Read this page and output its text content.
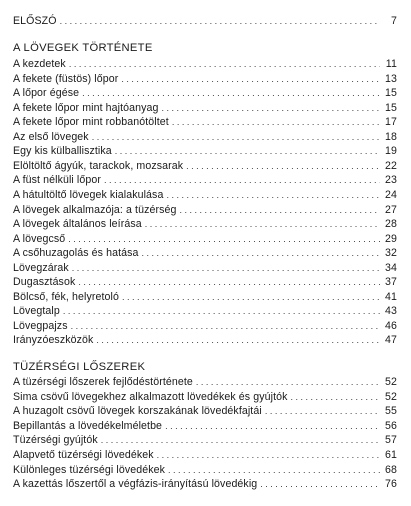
ELŐSZÓ . . .	7
A LÖVEGEK TÖRTÉNETE
A kezdetek . . .	11
A fekete (füstös) lőpor . . .	13
A lőpor égése . . .	15
A fekete lőpor mint hajtóanyag . . .	15
A fekete lőpor mint robbanótöltet . . .	17
Az első lövegek . . .	18
Egy kis külballisztika . . .	19
Elöltöltő ágyúk, tarackok, mozsarak . . .	22
A füst nélküli lőpor . . .	23
A hátultöltő lövegek kialakulása . . .	24
A lövegek alkalmazója: a tüzérség . . .	27
A lövegek általános leírása . . .	28
A lövegcső . . .	29
A csőhuzagolás és hatása . . .	32
Lövegzárak . . .	34
Dugasztások . . .	37
Bölcső, fék, helyretoló . . .	41
Lövegtalp . . .	43
Lövegpajzs . . .	46
Irányzóeszközök . . .	47
TÜZÉRSÉGI LŐSZEREK
A tüzérségi lőszerek fejlődéstörténete . . .	52
Sima csövű lövegekhez alkalmazott lövedékek és gyújtók . . .	52
A huzagolt csövű lövegek korszakának lövedékfajtái . . .	55
Bepillantás a lövedékelméletbe . . .	56
Tüzérségi gyújtók . . .	57
Alapvető tüzérségi lövedékek . . .	61
Különleges tüzérségi lövedékek . . .	68
A kazettás lőszertől a végfázis-irányítású lövedékig . . .	76
